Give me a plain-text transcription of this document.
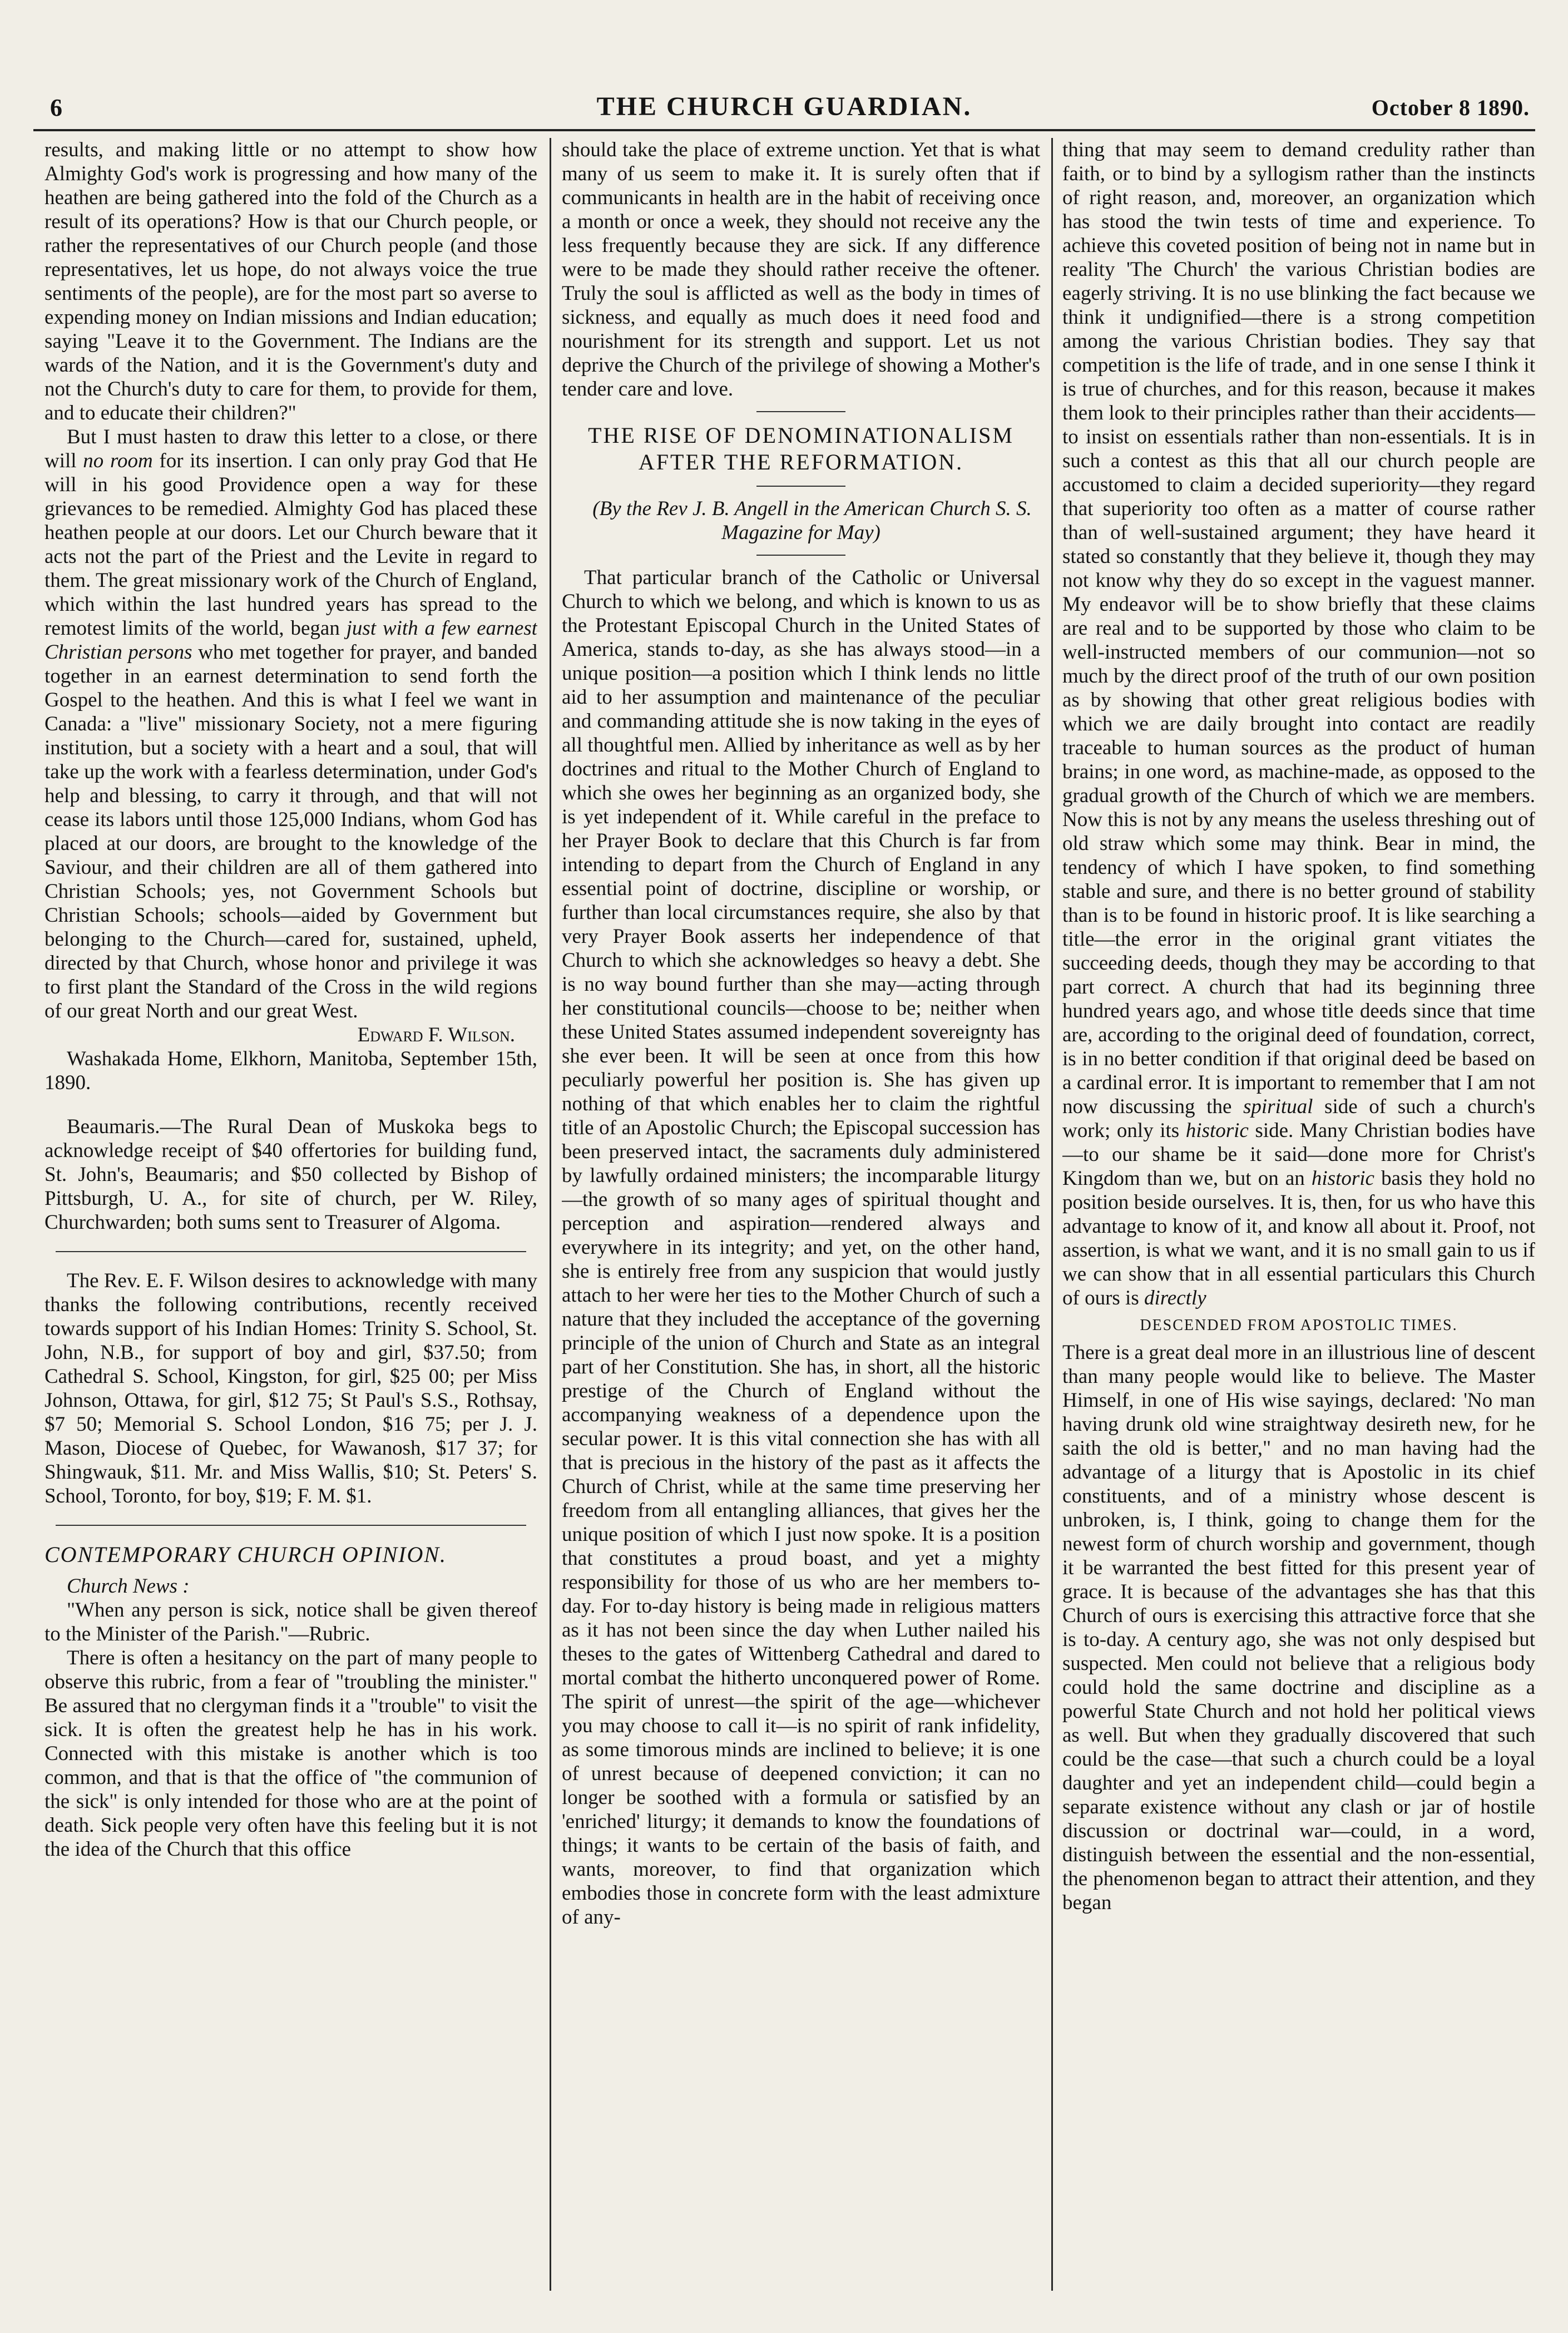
6	THE CHURCH GUARDIAN.	October 8 1890.

results, and making little or no attempt to show how Almighty God's work is progressing and how many of the heathen are being gathered into the fold of the Church as a result of its operations? How is that our Church people, or rather the representatives of our Church people (and those representatives, let us hope, do not always voice the true sentiments of the people), are for the most part so averse to expending money on Indian missions and Indian education; saying "Leave it to the Government. The Indians are the wards of the Nation, and it is the Government's duty and not the Church's duty to care for them, to provide for them, and to educate their children?"

But I must hasten to draw this letter to a close, or there will no room for its insertion. I can only pray God that He will in his good Providence open a way for these grievances to be remedied. Almighty God has placed these heathen people at our doors. Let our Church beware that it acts not the part of the Priest and the Levite in regard to them. The great missionary work of the Church of England, which within the last hundred years has spread to the remotest limits of the world, began just with a few earnest Christian persons who met together for prayer, and banded together in an earnest determination to send forth the Gospel to the heathen. And this is what I feel we want in Canada: a "live" missionary Society, not a mere figuring institution, but a society with a heart and a soul, that will take up the work with a fearless determination, under God's help and blessing, to carry it through, and that will not cease its labors until those 125,000 Indians, whom God has placed at our doors, are brought to the knowledge of the Saviour, and their children are all of them gathered into Christian Schools; yes, not Government Schools but Christian Schools; schools—aided by Government but belonging to the Church—cared for, sustained, upheld, directed by that Church, whose honor and privilege it was to first plant the Standard of the Cross in the wild regions of our great North and our great West.

Edward F. Wilson.

Washakada Home, Elkhorn, Manitoba, September 15th, 1890.

Beaumaris.—The Rural Dean of Muskoka begs to acknowledge receipt of $40 offertories for building fund, St. John's, Beaumaris; and $50 collected by Bishop of Pittsburgh, U. A., for site of church, per W. Riley, Churchwarden; both sums sent to Treasurer of Algoma.

The Rev. E. F. Wilson desires to acknowledge with many thanks the following contributions, recently received towards support of his Indian Homes: Trinity S. School, St. John, N.B., for support of boy and girl, $37.50; from Cathedral S. School, Kingston, for girl, $25 00; per Miss Johnson, Ottawa, for girl, $12 75; St Paul's S.S., Rothsay, $7 50; Memorial S. School London, $16 75; per J. J. Mason, Diocese of Quebec, for Wawanosh, $17 37; for Shingwauk, $11. Mr. and Miss Wallis, $10; St. Peters' S. School, Toronto, for boy, $19; F. M. $1.

CONTEMPORARY CHURCH OPINION.

Church News :

"When any person is sick, notice shall be given thereof to the Minister of the Parish."—Rubric.

There is often a hesitancy on the part of many people to observe this rubric, from a fear of "troubling the minister." Be assured that no clergyman finds it a "trouble" to visit the sick. It is often the greatest help he has in his work. Connected with this mistake is another which is too common, and that is that the office of "the communion of the sick" is only intended for those who are at the point of death. Sick people very often have this feeling but it is not the idea of the Church that this office

should take the place of extreme unction. Yet that is what many of us seem to make it. It is surely often that if communicants in health are in the habit of receiving once a month or once a week, they should not receive any the less frequently because they are sick. If any difference were to be made they should rather receive the oftener. Truly the soul is afflicted as well as the body in times of sickness, and equally as much does it need food and nourishment for its strength and support. Let us not deprive the Church of the privilege of showing a Mother's tender care and love.

THE RISE OF DENOMINATIONALISM AFTER THE REFORMATION.

(By the Rev J. B. Angell in the American Church S. S. Magazine for May)

That particular branch of the Catholic or Universal Church to which we belong, and which is known to us as the Protestant Episcopal Church in the United States of America, stands to-day, as she has always stood—in a unique position—a position which I think lends no little aid to her assumption and maintenance of the peculiar and commanding attitude she is now taking in the eyes of all thoughtful men. Allied by inheritance as well as by her doctrines and ritual to the Mother Church of England to which she owes her beginning as an organized body, she is yet independent of it. While careful in the preface to her Prayer Book to declare that this Church is far from intending to depart from the Church of England in any essential point of doctrine, discipline or worship, or further than local circumstances require, she also by that very Prayer Book asserts her independence of that Church to which she acknowledges so heavy a debt. She is no way bound further than she may—acting through her constitutional councils—choose to be; neither when these United States assumed independent sovereignty has she ever been. It will be seen at once from this how peculiarly powerful her position is. She has given up nothing of that which enables her to claim the rightful title of an Apostolic Church; the Episcopal succession has been preserved intact, the sacraments duly administered by lawfully ordained ministers; the incomparable liturgy—the growth of so many ages of spiritual thought and perception and aspiration—rendered always and everywhere in its integrity; and yet, on the other hand, she is entirely free from any suspicion that would justly attach to her were her ties to the Mother Church of such a nature that they included the acceptance of the governing principle of the union of Church and State as an integral part of her Constitution. She has, in short, all the historic prestige of the Church of England without the accompanying weakness of a dependence upon the secular power. It is this vital connection she has with all that is precious in the history of the past as it affects the Church of Christ, while at the same time preserving her freedom from all entangling alliances, that gives her the unique position of which I just now spoke. It is a position that constitutes a proud boast, and yet a mighty responsibility for those of us who are her members to-day. For to-day history is being made in religious matters as it has not been since the day when Luther nailed his theses to the gates of Wittenberg Cathedral and dared to mortal combat the hitherto unconquered power of Rome. The spirit of unrest—the spirit of the age—whichever you may choose to call it—is no spirit of rank infidelity, as some timorous minds are inclined to believe; it is one of unrest because of deepened conviction; it can no longer be soothed with a formula or satisfied by an 'enriched' liturgy; it demands to know the foundations of things; it wants to be certain of the basis of faith, and wants, moreover, to find that organization which embodies those in concrete form with the least admixture of any-

thing that may seem to demand credulity rather than faith, or to bind by a syllogism rather than the instincts of right reason, and, moreover, an organization which has stood the twin tests of time and experience. To achieve this coveted position of being not in name but in reality 'The Church' the various Christian bodies are eagerly striving. It is no use blinking the fact because we think it undignified—there is a strong competition among the various Christian bodies. They say that competition is the life of trade, and in one sense I think it is true of churches, and for this reason, because it makes them look to their principles rather than their accidents—to insist on essentials rather than non-essentials. It is in such a contest as this that all our church people are accustomed to claim a decided superiority—they regard that superiority too often as a matter of course rather than of well-sustained argument; they have heard it stated so constantly that they believe it, though they may not know why they do so except in the vaguest manner. My endeavor will be to show briefly that these claims are real and to be supported by those who claim to be well-instructed members of our communion—not so much by the direct proof of the truth of our own position as by showing that other great religious bodies with which we are daily brought into contact are readily traceable to human sources as the product of human brains; in one word, as machine-made, as opposed to the gradual growth of the Church of which we are members. Now this is not by any means the useless threshing out of old straw which some may think. Bear in mind, the tendency of which I have spoken, to find something stable and sure, and there is no better ground of stability than is to be found in historic proof. It is like searching a title—the error in the original grant vitiates the succeeding deeds, though they may be according to that part correct. A church that had its beginning three hundred years ago, and whose title deeds since that time are, according to the original deed of foundation, correct, is in no better condition if that original deed be based on a cardinal error. It is important to remember that I am not now discussing the spiritual side of such a church's work; only its historic side. Many Christian bodies have—to our shame be it said—done more for Christ's Kingdom than we, but on an historic basis they hold no position beside ourselves. It is, then, for us who have this advantage to know of it, and know all about it. Proof, not assertion, is what we want, and it is no small gain to us if we can show that in all essential particulars this Church of ours is directly

DESCENDED FROM APOSTOLIC TIMES.

There is a great deal more in an illustrious line of descent than many people would like to believe. The Master Himself, in one of His wise sayings, declared: 'No man having drunk old wine straightway desireth new, for he saith the old is better," and no man having had the advantage of a liturgy that is Apostolic in its chief constituents, and of a ministry whose descent is unbroken, is, I think, going to change them for the newest form of church worship and government, though it be warranted the best fitted for this present year of grace. It is because of the advantages she has that this Church of ours is exercising this attractive force that she is to-day. A century ago, she was not only despised but suspected. Men could not believe that a religious body could hold the same doctrine and discipline as a powerful State Church and not hold her political views as well. But when they gradually discovered that such could be the case—that such a church could be a loyal daughter and yet an independent child—could begin a separate existence without any clash or jar of hostile discussion or doctrinal war—could, in a word, distinguish between the essential and the non-essential, the phenomenon began to attract their attention, and they began
